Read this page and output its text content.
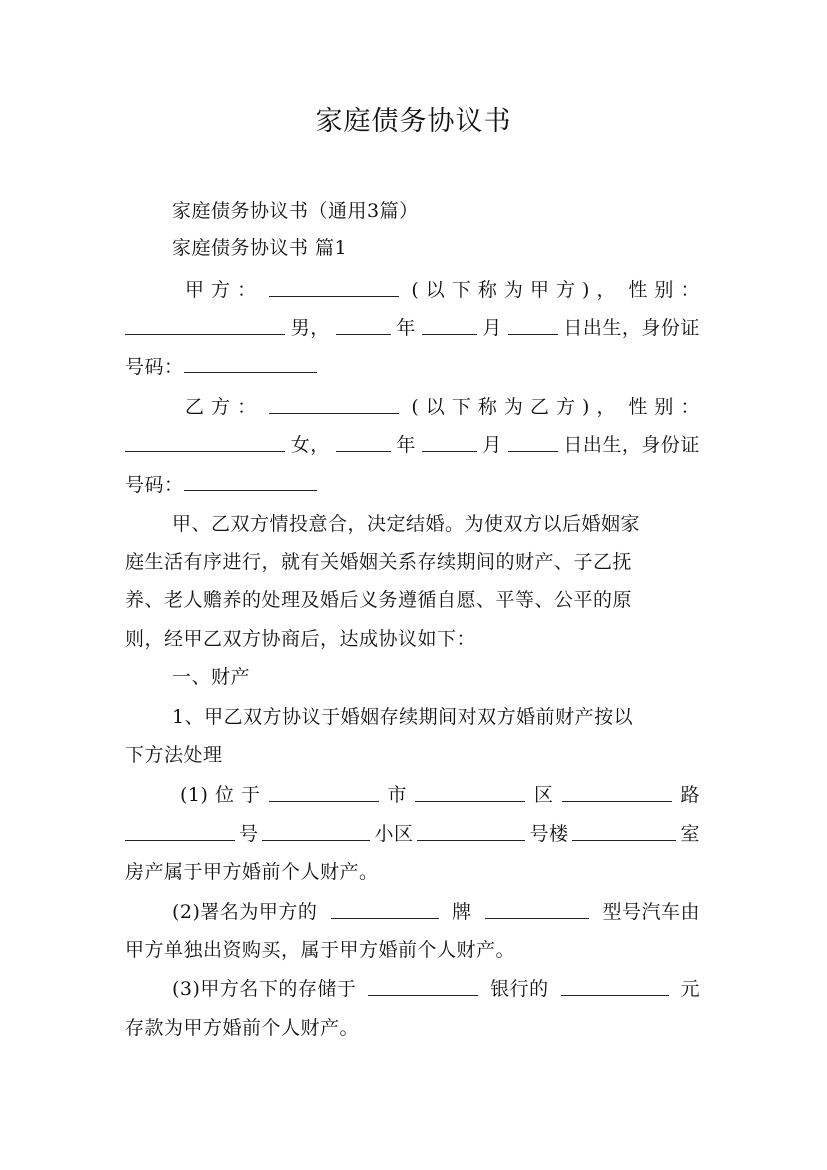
家庭债务协议书
家庭债务协议书（通用3篇）
家庭债务协议书 篇1
甲 方 ：	( 以 下 称 为 甲 方 ) ， 性 别 ：
男，	年	月	日出生，身份证
号码：
乙 方 ：	( 以 下 称 为 乙 方 ) ， 性 别 ：
女，	年	月	日出生，身份证
号码：
甲、乙双方情投意合，决定结婚。为使双方以后婚姻家
庭生活有序进行，就有关婚姻关系存续期间的财产、子乙抚
养、老人赡养的处理及婚后义务遵循自愿、平等、公平的原
则，经甲乙双方协商后，达成协议如下：
一、财产
1、甲乙双方协议于婚姻存续期间对双方婚前财产按以
下方法处理
(1) 位 于	市	区	路
号	小区	号楼	室
房产属于甲方婚前个人财产。
(2)署名为甲方的	牌	型号汽车由
甲方单独出资购买，属于甲方婚前个人财产。
(3)甲方名下的存储于	银行的	元
存款为甲方婚前个人财产。
